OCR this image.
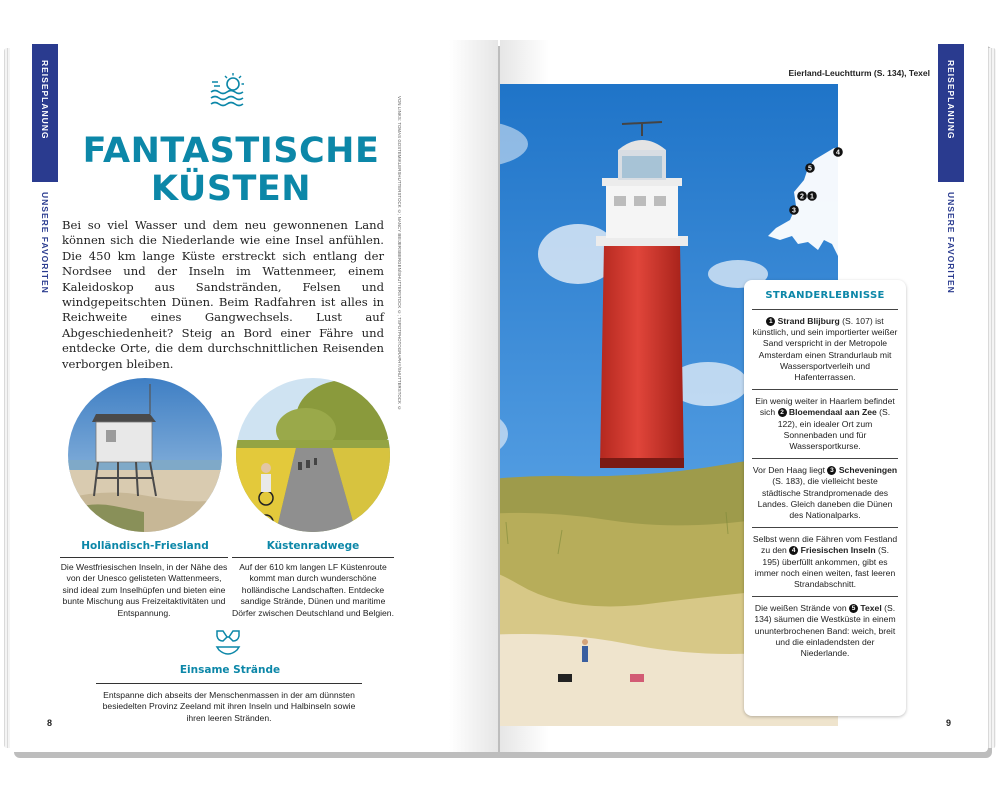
REISEPLANUNG
UNSERE FAVORITEN
FANTASTISCHE
KÜSTEN

Bei so viel Wasser und dem neu gewonnenen Land können sich die Niederlande wie eine Insel anfühlen. Die 450 km lange Küste erstreckt sich entlang der Nordsee und der Inseln im Wattenmeer, einem Kaleidoskop aus Sandstränden, Felsen und windgepeitschten Dünen. Beim Radfahren ist alles in Reichweite eines Gangwechsels. Lust auf Abgeschiedenheit? Steig an Bord einer Fähre und entdecke Orte, die dem durchschnittlichen Reisenden verborgen bleiben.

Holländisch-Friesland

Die Westfriesischen Inseln, in der Nähe des von der Unesco gelisteten Wattenmeers, sind ideal zum Inselhüpfen und bieten eine bunte Mischung aus Freizeitaktivitäten und Entspannung.

Küstenradwege

Auf der 610 km langen LF Küstenroute kommt man durch wunderschöne holländische Landschaften. Entdecke sandige Strände, Dünen und maritime Dörfer zwischen Deutschland und Belgien.

Einsame Strände

Entspanne dich abseits der Menschenmassen in der am dünnsten besiedelten Provinz Zeeland mit ihren Inseln und Halbinseln sowie ihren leeren Stränden.

8
VON LINKS: TOMAS GOSTEMIKLERSHUTTERSTOCK ©; NANCY BEIJERSBERGEN/SHUTTERSTOCK ©; TSPOTPHOTOGRAPHY/SHUTTERSTOCK ©
Eierland-Leuchtturm (S. 134), Texel
4
5
2 1
3
STRANDERLEBNISSE

1 Strand Blijburg (S. 107) ist künstlich, und sein importierter weißer Sand verspricht in der Metropole Amsterdam einen Strandurlaub mit Wassersportverleih und Hafenterrassen.

Ein wenig weiter in Haarlem befindet sich 2 Bloemendaal aan Zee (S. 122), ein idealer Ort zum Sonnenbaden und für Wassersportkurse.

Vor Den Haag liegt 3 Scheveningen (S. 183), die vielleicht beste städtische Strandpromenade des Landes. Gleich daneben die Dünen des Nationalparks.

Selbst wenn die Fähren vom Festland zu den 4 Friesischen Inseln (S. 195) überfüllt ankommen, gibt es immer noch einen weiten, fast leeren Strandabschnitt.

Die weißen Strände von 5 Texel (S. 134) säumen die Westküste in einem ununterbrochenen Band: weich, breit und die einladendsten der Niederlande.

REISEPLANUNG
UNSERE FAVORITEN
9
